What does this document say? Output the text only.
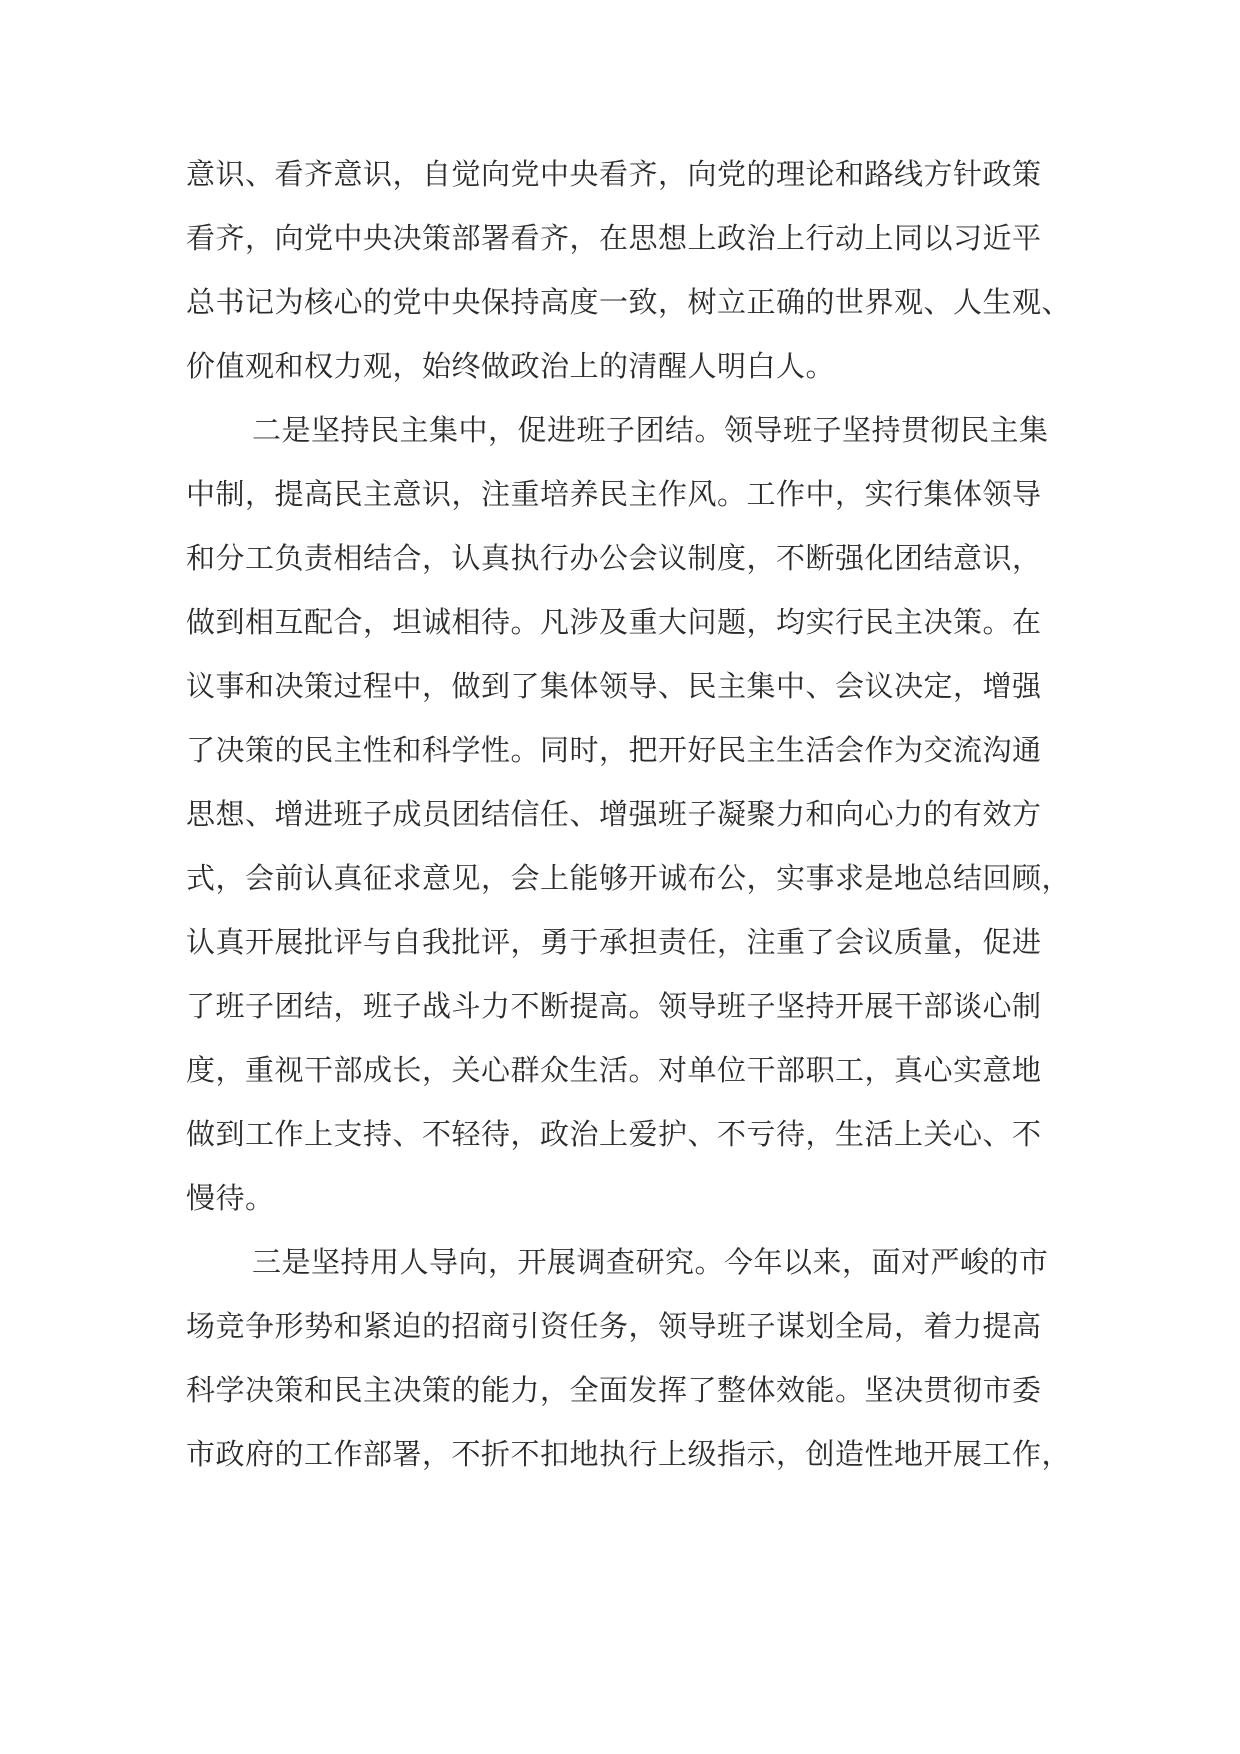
意识、看齐意识，自觉向党中央看齐，向党的理论和路线方针政策
看齐，向党中央决策部署看齐，在思想上政治上行动上同以习近平
总书记为核心的党中央保持高度一致，树立正确的世界观、人生观、
价值观和权力观，始终做政治上的清醒人明白人。
二是坚持民主集中，促进班子团结。领导班子坚持贯彻民主集
中制，提高民主意识，注重培养民主作风。工作中，实行集体领导
和分工负责相结合，认真执行办公会议制度，不断强化团结意识，
做到相互配合，坦诚相待。凡涉及重大问题，均实行民主决策。在
议事和决策过程中，做到了集体领导、民主集中、会议决定，增强
了决策的民主性和科学性。同时，把开好民主生活会作为交流沟通
思想、增进班子成员团结信任、增强班子凝聚力和向心力的有效方
式，会前认真征求意见，会上能够开诚布公，实事求是地总结回顾，
认真开展批评与自我批评，勇于承担责任，注重了会议质量，促进
了班子团结，班子战斗力不断提高。领导班子坚持开展干部谈心制
度，重视干部成长，关心群众生活。对单位干部职工，真心实意地
做到工作上支持、不轻待，政治上爱护、不亏待，生活上关心、不
慢待。
三是坚持用人导向，开展调查研究。今年以来，面对严峻的市
场竞争形势和紧迫的招商引资任务，领导班子谋划全局，着力提高
科学决策和民主决策的能力，全面发挥了整体效能。坚决贯彻市委
市政府的工作部署，不折不扣地执行上级指示，创造性地开展工作，
